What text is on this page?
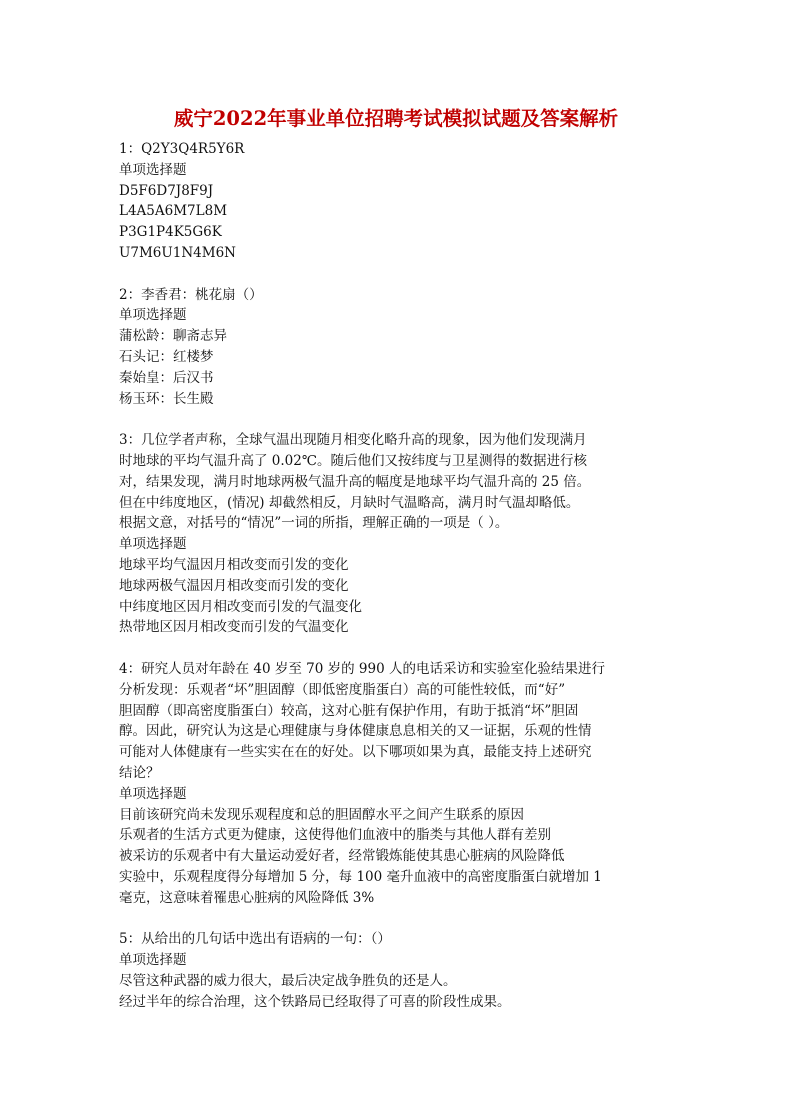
威宁2022年事业单位招聘考试模拟试题及答案解析
1：Q2Y3Q4R5Y6R
单项选择题
D5F6D7J8F9J
L4A5A6M7L8M
P3G1P4K5G6K
U7M6U1N4M6N
2：李香君：桃花扇（）
单项选择题
蒲松龄：聊斋志异
石头记：红楼梦
秦始皇：后汉书
杨玉环：长生殿
3：几位学者声称，全球气温出现随月相变化略升高的现象，因为他们发现满月
时地球的平均气温升高了 0.02℃。随后他们又按纬度与卫星测得的数据进行核
对，结果发现，满月时地球两极气温升高的幅度是地球平均气温升高的 25 倍。
但在中纬度地区，(情况) 却截然相反，月缺时气温略高，满月时气温却略低。
根据文意，对括号的“情况”一词的所指，理解正确的一项是（ ）。
单项选择题
地球平均气温因月相改变而引发的变化
地球两极气温因月相改变而引发的变化
中纬度地区因月相改变而引发的气温变化
热带地区因月相改变而引发的气温变化
4：研究人员对年龄在 40 岁至 70 岁的 990 人的电话采访和实验室化验结果进行
分析发现：乐观者“坏”胆固醇（即低密度脂蛋白）高的可能性较低，而“好”
胆固醇（即高密度脂蛋白）较高，这对心脏有保护作用，有助于抵消“坏”胆固
醇。因此，研究认为这是心理健康与身体健康息息相关的又一证据，乐观的性情
可能对人体健康有一些实实在在的好处。以下哪项如果为真，最能支持上述研究
结论？
单项选择题
目前该研究尚未发现乐观程度和总的胆固醇水平之间产生联系的原因
乐观者的生活方式更为健康，这使得他们血液中的脂类与其他人群有差别
被采访的乐观者中有大量运动爱好者，经常锻炼能使其患心脏病的风险降低
实验中，乐观程度得分每增加 5 分，每 100 毫升血液中的高密度脂蛋白就增加 1
毫克，这意味着罹患心脏病的风险降低 3%
5：从给出的几句话中选出有语病的一句：（）
单项选择题
尽管这种武器的威力很大，最后决定战争胜负的还是人。
经过半年的综合治理，这个铁路局已经取得了可喜的阶段性成果。
